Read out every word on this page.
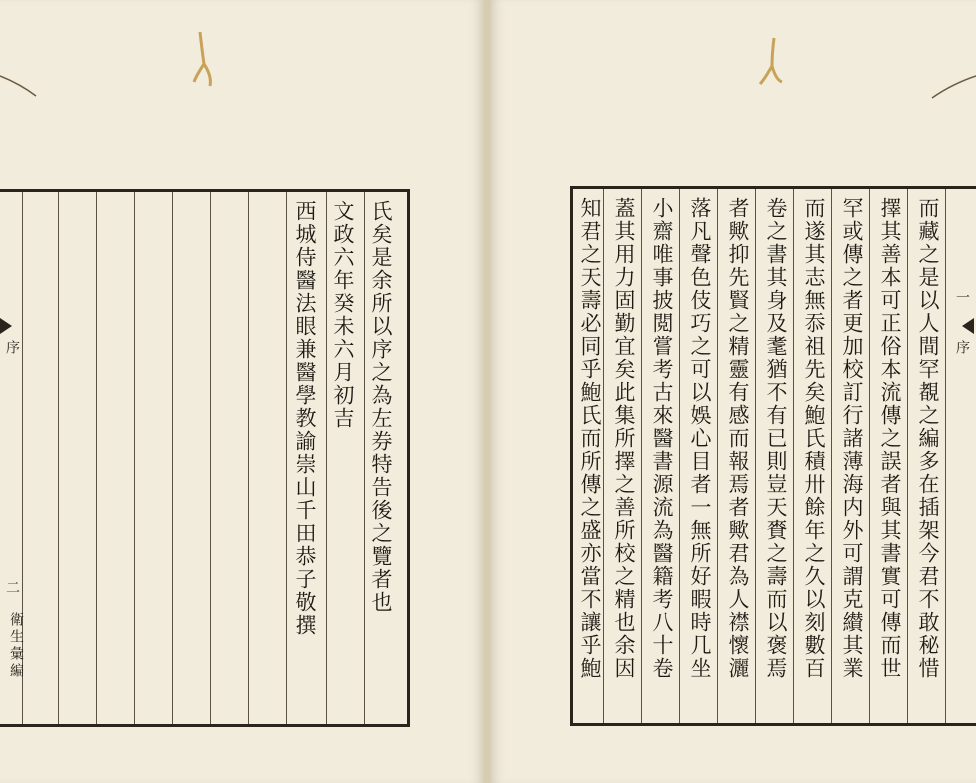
氏矣是余所以序之為左券特告後之覽者也
文政六年癸未六月初吉
西城侍醫法眼兼醫學教諭崇山千田恭子敬撰
序
二
衛生彙編	而藏之是以人間罕覩之編多在插架今君不敢秘惜
擇其善本可正俗本流傳之誤者與其書實可傳而世
罕或傳之者更加校訂行諸薄海内外可謂克纉其業
而遂其志無忝祖先矣鮑氏積卅餘年之久以刻數百
卷之書其身及耄猶不有已則豈天賚之壽而以褒焉
者歟抑先賢之精靈有感而報焉者歟君為人襟懷灑
落凡聲色伎巧之可以娛心目者一無所好暇時几坐
小齋唯事披閲嘗考古來醫書源流為醫籍考八十卷
蓋其用力固勤宜矣此集所擇之善所校之精也余因
知君之天壽必同乎鮑氏而所傳之盛亦當不讓乎鮑	一
序
